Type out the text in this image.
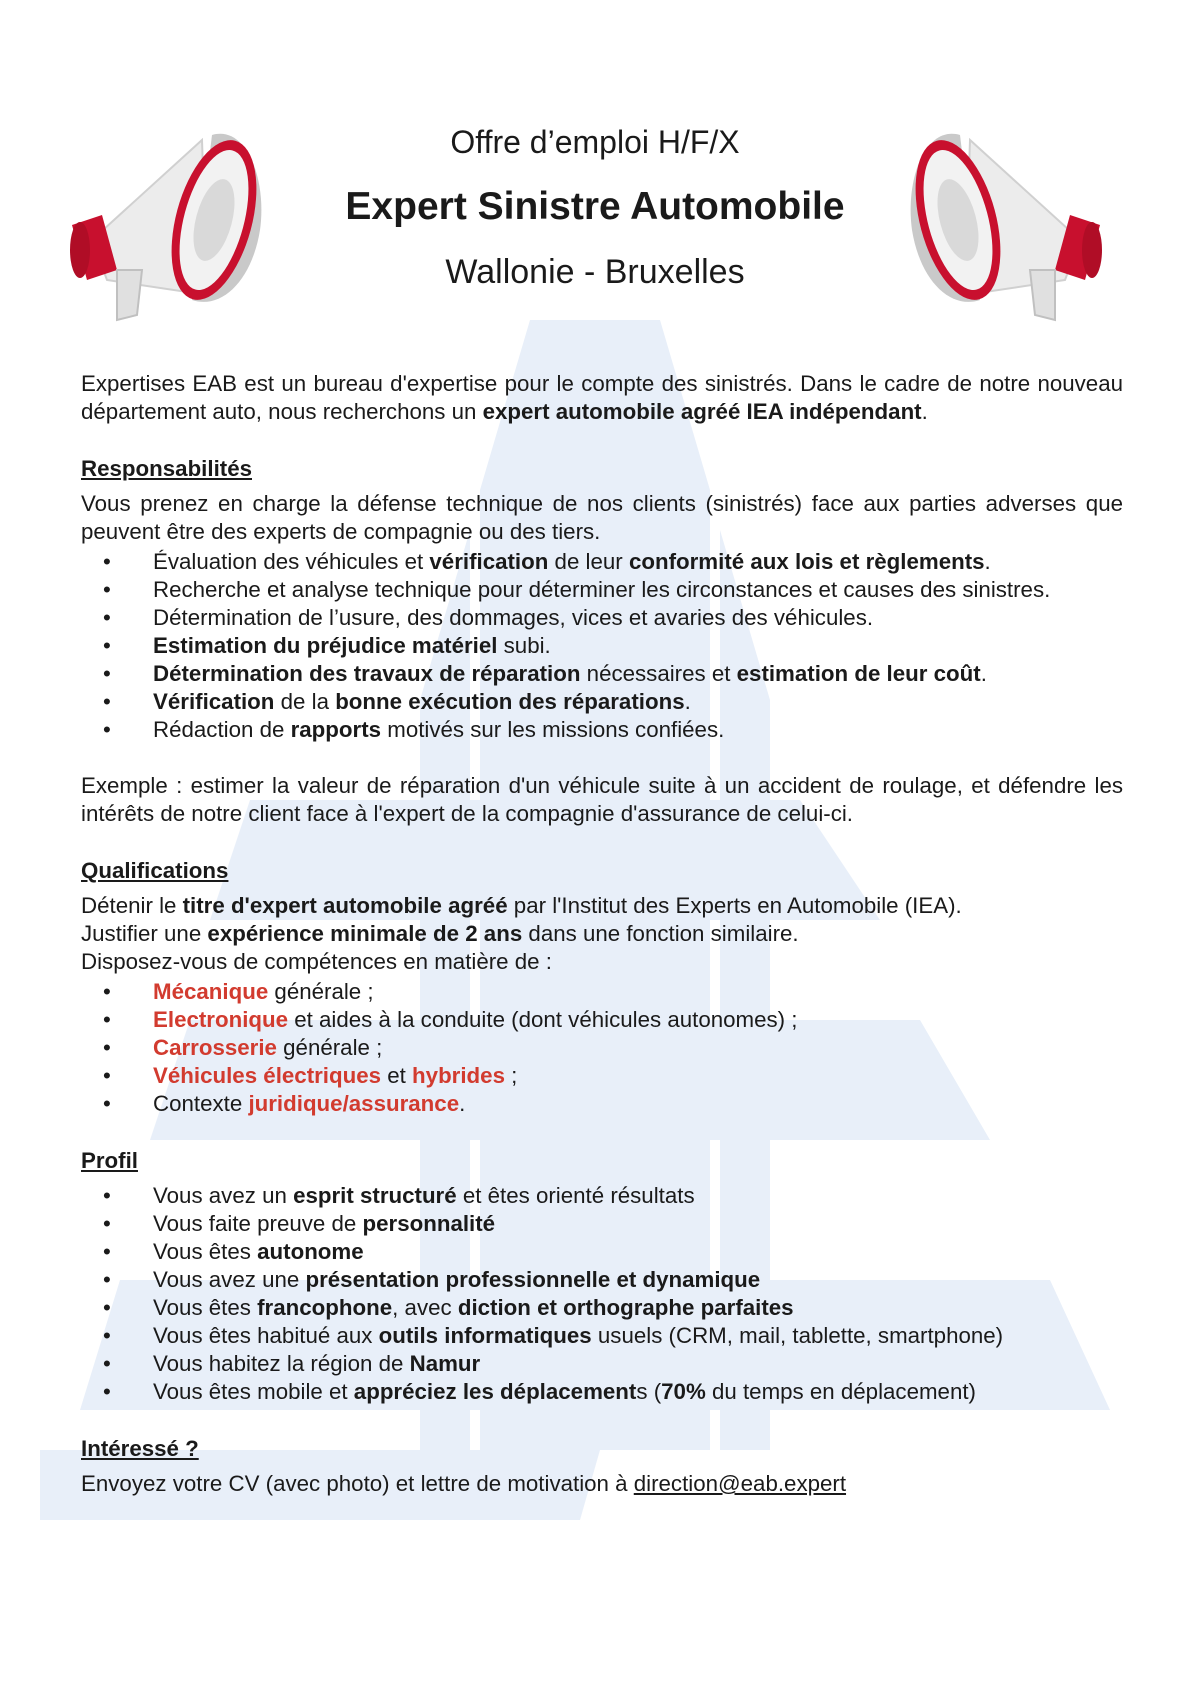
Offre d’emploi H/F/X

Expert Sinistre Automobile

Wallonie - Bruxelles

Expertises EAB est un bureau d'expertise pour le compte des sinistrés. Dans le cadre de notre nouveau département auto, nous recherchons un expert automobile agréé IEA indépendant.

Responsabilités

Vous prenez en charge la défense technique de nos clients (sinistrés) face aux parties adverses que peuvent être des experts de compagnie ou des tiers.

• Évaluation des véhicules et vérification de leur conformité aux lois et règlements.
• Recherche et analyse technique pour déterminer les circonstances et causes des sinistres.
• Détermination de l’usure, des dommages, vices et avaries des véhicules.
• Estimation du préjudice matériel subi.
• Détermination des travaux de réparation nécessaires et estimation de leur coût.
• Vérification de la bonne exécution des réparations.
• Rédaction de rapports motivés sur les missions confiées.

Exemple : estimer la valeur de réparation d'un véhicule suite à un accident de roulage, et défendre les intérêts de notre client face à l'expert de la compagnie d'assurance de celui-ci.

Qualifications

Détenir le titre d'expert automobile agréé par l'Institut des Experts en Automobile (IEA).

Justifier une expérience minimale de 2 ans dans une fonction similaire.

Disposez-vous de compétences en matière de :

• Mécanique générale ;
• Electronique et aides à la conduite (dont véhicules autonomes) ;
• Carrosserie générale ;
• Véhicules électriques et hybrides ;
• Contexte juridique/assurance.

Profil

• Vous avez un esprit structuré et êtes orienté résultats
• Vous faite preuve de personnalité
• Vous êtes autonome
• Vous avez une présentation professionnelle et dynamique
• Vous êtes francophone, avec diction et orthographe parfaites
• Vous êtes habitué aux outils informatiques usuels (CRM, mail, tablette, smartphone)
• Vous habitez la région de Namur
• Vous êtes mobile et appréciez les déplacements (70% du temps en déplacement)

Intéressé ?

Envoyez votre CV (avec photo) et lettre de motivation à direction@eab.expert
